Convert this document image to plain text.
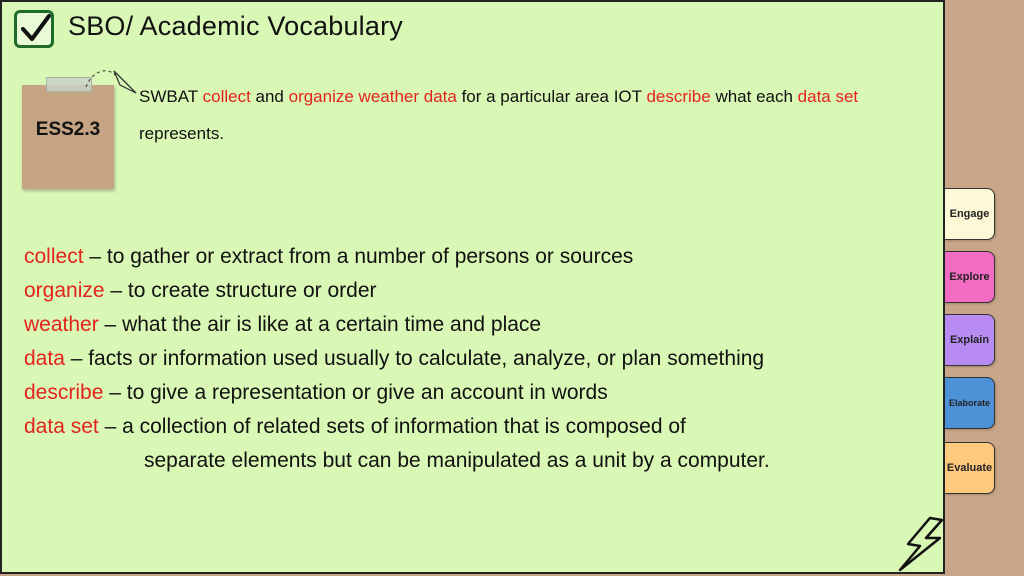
SBO/ Academic Vocabulary
ESS2.3
SWBAT collect and organize weather data for a particular area IOT describe what each data set represents.
collect – to gather or extract from a number of persons or sources
organize – to create structure or order
weather – what the air is like at a certain time and place
data – facts or information used usually to calculate, analyze, or plan something
describe – to give a representation or give an account in words
data set – a collection of related sets of information that is composed of
separate elements but can be manipulated as a unit by a computer.
Engage
Explore
Explain
Elaborate
Evaluate
